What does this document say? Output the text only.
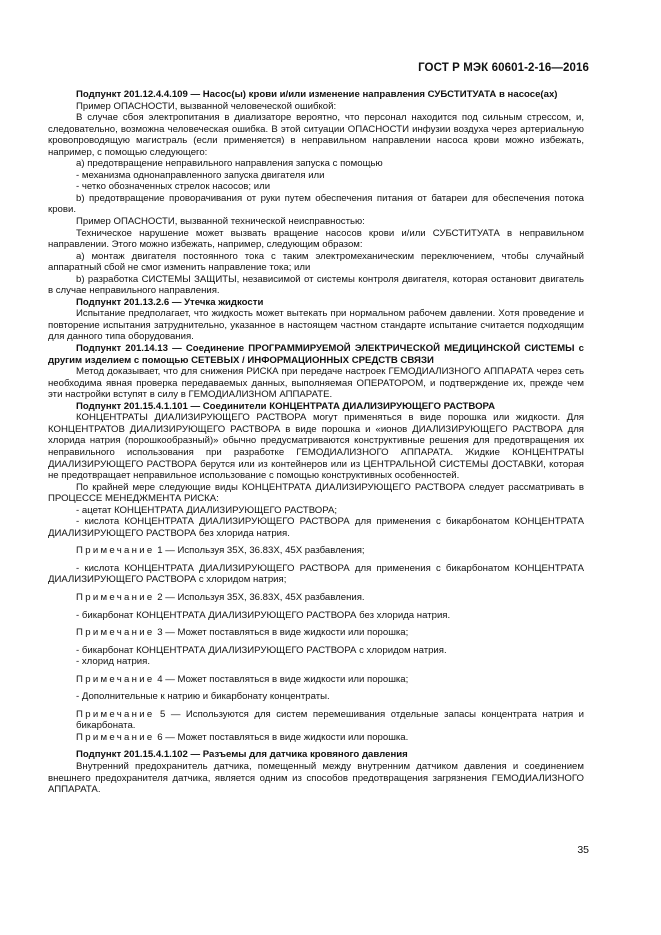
ГОСТ Р МЭК 60601-2-16—2016

Подпункт 201.12.4.4.109 — Насос(ы) крови и/или изменение направления СУБСТИТУАТА в насосе(ах)

Пример ОПАСНОСТИ, вызванной человеческой ошибкой:

В случае сбоя электропитания в диализаторе вероятно, что персонал находится под сильным стрессом, и, следовательно, возможна человеческая ошибка. В этой ситуации ОПАСНОСТИ инфузии воздуха через артериальную кровопроводящую магистраль (если применяется) в неправильном направлении насоса крови можно избежать, например, с помощью следующего:

a) предотвращение неправильного направления запуска с помощью

- механизма однонаправленного запуска двигателя или

- четко обозначенных стрелок насосов; или

b) предотвращение проворачивания от руки путем обеспечения питания от батареи для обеспечения потока крови.

Пример ОПАСНОСТИ, вызванной технической неисправностью:

Техническое нарушение может вызвать вращение насосов крови и/или СУБСТИТУАТА в неправильном направлении. Этого можно избежать, например, следующим образом:

a) монтаж двигателя постоянного тока с таким электромеханическим переключением, чтобы случайный аппаратный сбой не смог изменить направление тока; или

b) разработка СИСТЕМЫ ЗАЩИТЫ, независимой от системы контроля двигателя, которая остановит двигатель в случае неправильного направления.

Подпункт 201.13.2.6 — Утечка жидкости

Испытание предполагает, что жидкость может вытекать при нормальном рабочем давлении. Хотя проведение и повторение испытания затруднительно, указанное в настоящем частном стандарте испытание считается подходящим для данного типа оборудования.

Подпункт 201.14.13 — Соединение ПРОГРАММИРУЕМОЙ ЭЛЕКТРИЧЕСКОЙ МЕДИЦИНСКОЙ СИСТЕМЫ с другим изделием с помощью СЕТЕВЫХ / ИНФОРМАЦИОННЫХ СРЕДСТВ СВЯЗИ

Метод доказывает, что для снижения РИСКА при передаче настроек ГЕМОДИАЛИЗНОГО АППАРАТА через сеть необходима явная проверка передаваемых данных, выполняемая ОПЕРАТОРОМ, и подтверждение их, прежде чем эти настройки вступят в силу в ГЕМОДИАЛИЗНОМ АППАРАТЕ.

Подпункт 201.15.4.1.101 — Соединители КОНЦЕНТРАТА ДИАЛИЗИРУЮЩЕГО РАСТВОРА

КОНЦЕНТРАТЫ ДИАЛИЗИРУЮЩЕГО РАСТВОРА могут применяться в виде порошка или жидкости. Для КОНЦЕНТРАТОВ ДИАЛИЗИРУЮЩЕГО РАСТВОРА в виде порошка и «ионов ДИАЛИЗИРУЮЩЕГО РАСТВОРА для хлорида натрия (порошкообразный)» обычно предусматриваются конструктивные решения для предотвращения их неправильного использования при разработке ГЕМОДИАЛИЗНОГО АППАРАТА. Жидкие КОНЦЕНТРАТЫ ДИАЛИЗИРУЮЩЕГО РАСТВОРА берутся или из контейнеров или из ЦЕНТРАЛЬНОЙ СИСТЕМЫ ДОСТАВКИ, которая не предотвращает неправильное использование с помощью конструктивных особенностей.

По крайней мере следующие виды КОНЦЕНТРАТА ДИАЛИЗИРУЮЩЕГО РАСТВОРА следует рассматривать в ПРОЦЕССЕ МЕНЕДЖМЕНТА РИСКА:

- ацетат КОНЦЕНТРАТА ДИАЛИЗИРУЮЩЕГО РАСТВОРА;

- кислота КОНЦЕНТРАТА ДИАЛИЗИРУЮЩЕГО РАСТВОРА для применения с бикарбонатом КОНЦЕНТРАТА ДИАЛИЗИРУЮЩЕГО РАСТВОРА без хлорида натрия.

Примечание 1 — Используя 35X, 36.83X, 45X разбавления;

- кислота КОНЦЕНТРАТА ДИАЛИЗИРУЮЩЕГО РАСТВОРА для применения с бикарбонатом КОНЦЕНТРАТА ДИАЛИЗИРУЮЩЕГО РАСТВОРА с хлоридом натрия;

Примечание 2 — Используя 35X, 36.83X, 45X разбавления.

- бикарбонат КОНЦЕНТРАТА ДИАЛИЗИРУЮЩЕГО РАСТВОРА без хлорида натрия.

Примечание 3 — Может поставляться в виде жидкости или порошка;

- бикарбонат КОНЦЕНТРАТА ДИАЛИЗИРУЮЩЕГО РАСТВОРА с хлоридом натрия.

- хлорид натрия.

Примечание 4 — Может поставляться в виде жидкости или порошка;

- Дополнительные к натрию и бикарбонату концентраты.

Примечание 5 — Используются для систем перемешивания отдельные запасы концентрата натрия и бикарбоната.

Примечание 6 — Может поставляться в виде жидкости или порошка.

Подпункт 201.15.4.1.102 — Разъемы для датчика кровяного давления

Внутренний предохранитель датчика, помещенный между внутренним датчиком давления и соединением внешнего предохранителя датчика, является одним из способов предотвращения загрязнения ГЕМОДИАЛИЗНОГО АППАРАТА.

35
